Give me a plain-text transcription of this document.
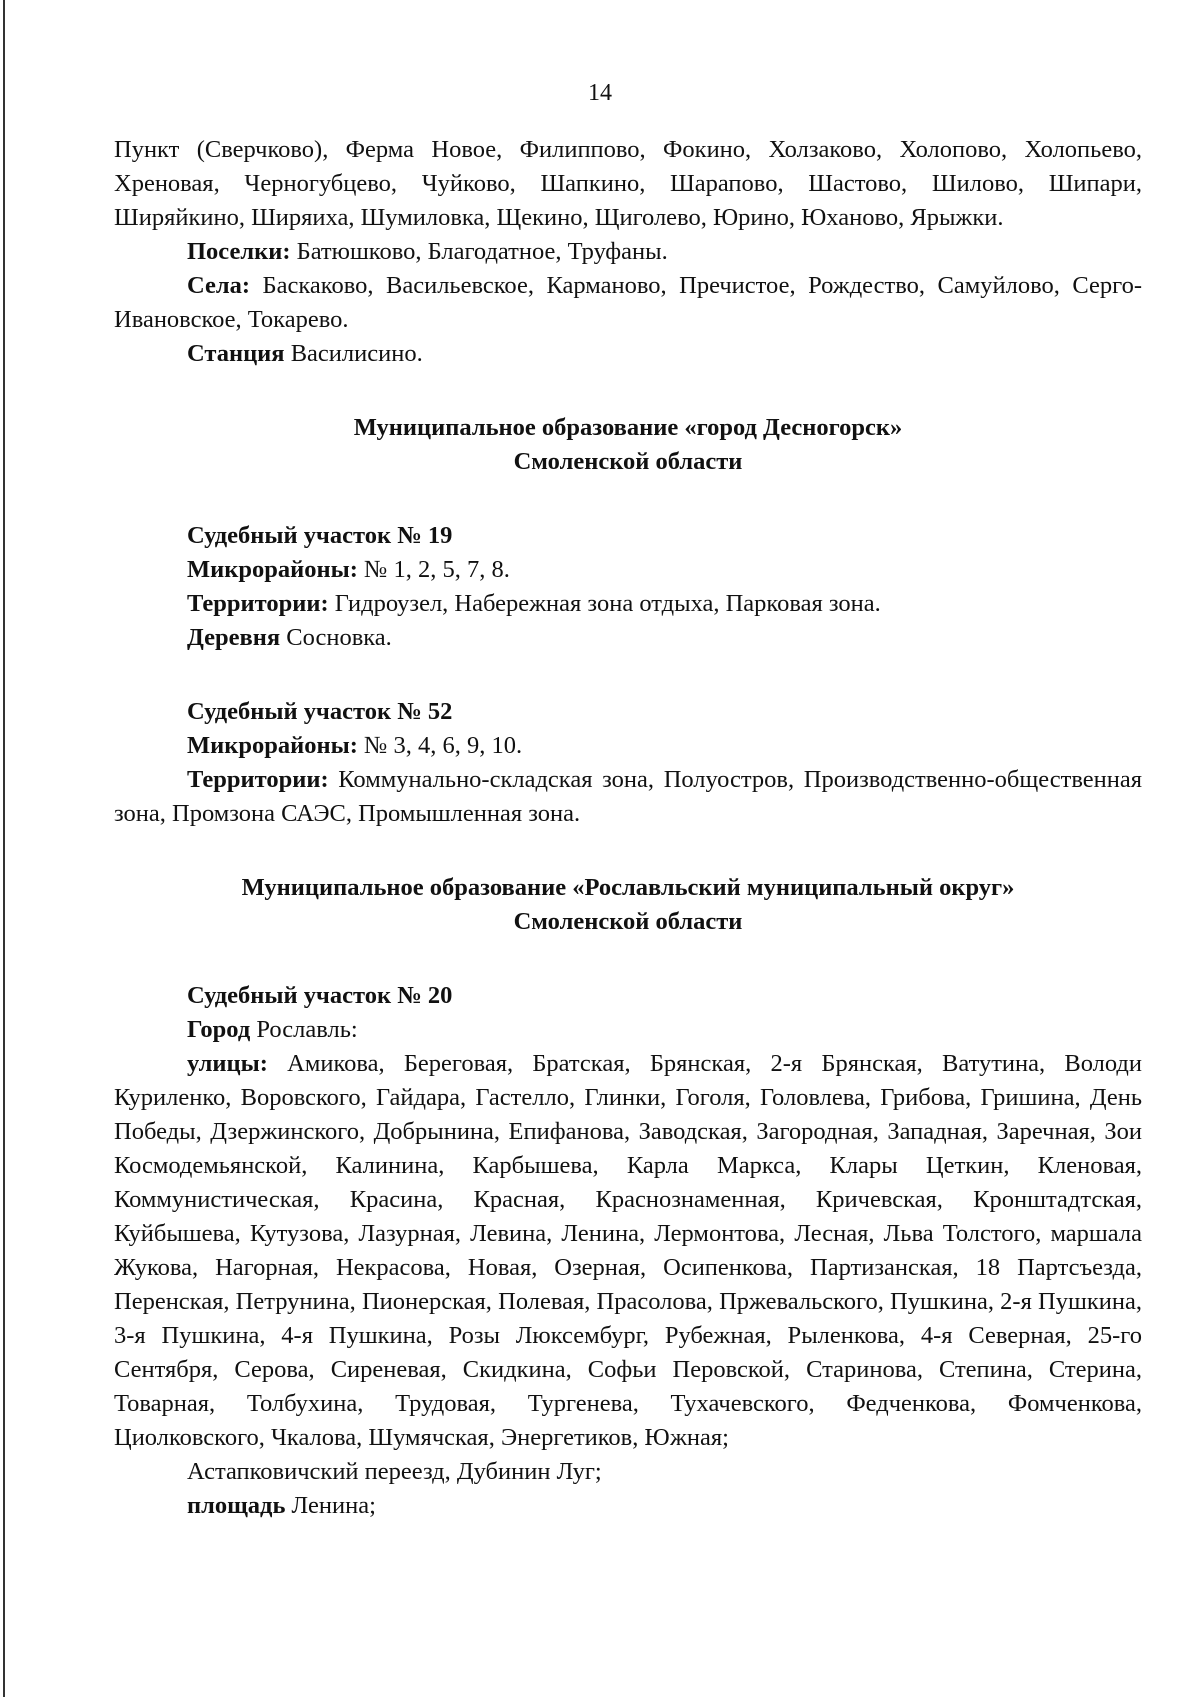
14

Пункт (Сверчково), Ферма Новое, Филиппово, Фокино, Холзаково, Холопово, Холопьево, Хреновая, Черногубцево, Чуйково, Шапкино, Шарапово, Шастово, Шилово, Шипари, Ширяйкино, Ширяиха, Шумиловка, Щекино, Щиголево, Юрино, Юханово, Ярыжки.

Поселки: Батюшково, Благодатное, Труфаны.

Села: Баскаково, Васильевское, Карманово, Пречистое, Рождество, Самуйлово, Серго-Ивановское, Токарево.

Станция Василисино.

Муниципальное образование «город Десногорск»

Смоленской области

Судебный участок № 19

Микрорайоны: № 1, 2, 5, 7, 8.

Территории: Гидроузел, Набережная зона отдыха, Парковая зона.

Деревня Сосновка.

Судебный участок № 52

Микрорайоны: № 3, 4, 6, 9, 10.

Территории: Коммунально-складская зона, Полуостров, Производственно-общественная зона, Промзона САЭС, Промышленная зона.

Муниципальное образование «Рославльский муниципальный округ»

Смоленской области

Судебный участок № 20

Город Рославль:

улицы: Амикова, Береговая, Братская, Брянская, 2-я Брянская, Ватутина, Володи Куриленко, Воровского, Гайдара, Гастелло, Глинки, Гоголя, Головлева, Грибова, Гришина, День Победы, Дзержинского, Добрынина, Епифанова, Заводская, Загородная, Западная, Заречная, Зои Космодемьянской, Калинина, Карбышева, Карла Маркса, Клары Цеткин, Кленовая, Коммунистическая, Красина, Красная, Краснознаменная, Кричевская, Кронштадтская, Куйбышева, Кутузова, Лазурная, Левина, Ленина, Лермонтова, Лесная, Льва Толстого, маршала Жукова, Нагорная, Некрасова, Новая, Озерная, Осипенкова, Партизанская, 18 Партсъезда, Перенская, Петрунина, Пионерская, Полевая, Прасолова, Пржевальского, Пушкина, 2-я Пушкина, 3-я Пушкина, 4-я Пушкина, Розы Люксембург, Рубежная, Рыленкова, 4-я Северная, 25-го Сентября, Серова, Сиреневая, Скидкина, Софьи Перовской, Старинова, Степина, Стерина, Товарная, Толбухина, Трудовая, Тургенева, Тухачевского, Федченкова, Фомченкова, Циолковского, Чкалова, Шумячская, Энергетиков, Южная;

Астапковичский переезд, Дубинин Луг;

площадь Ленина;
